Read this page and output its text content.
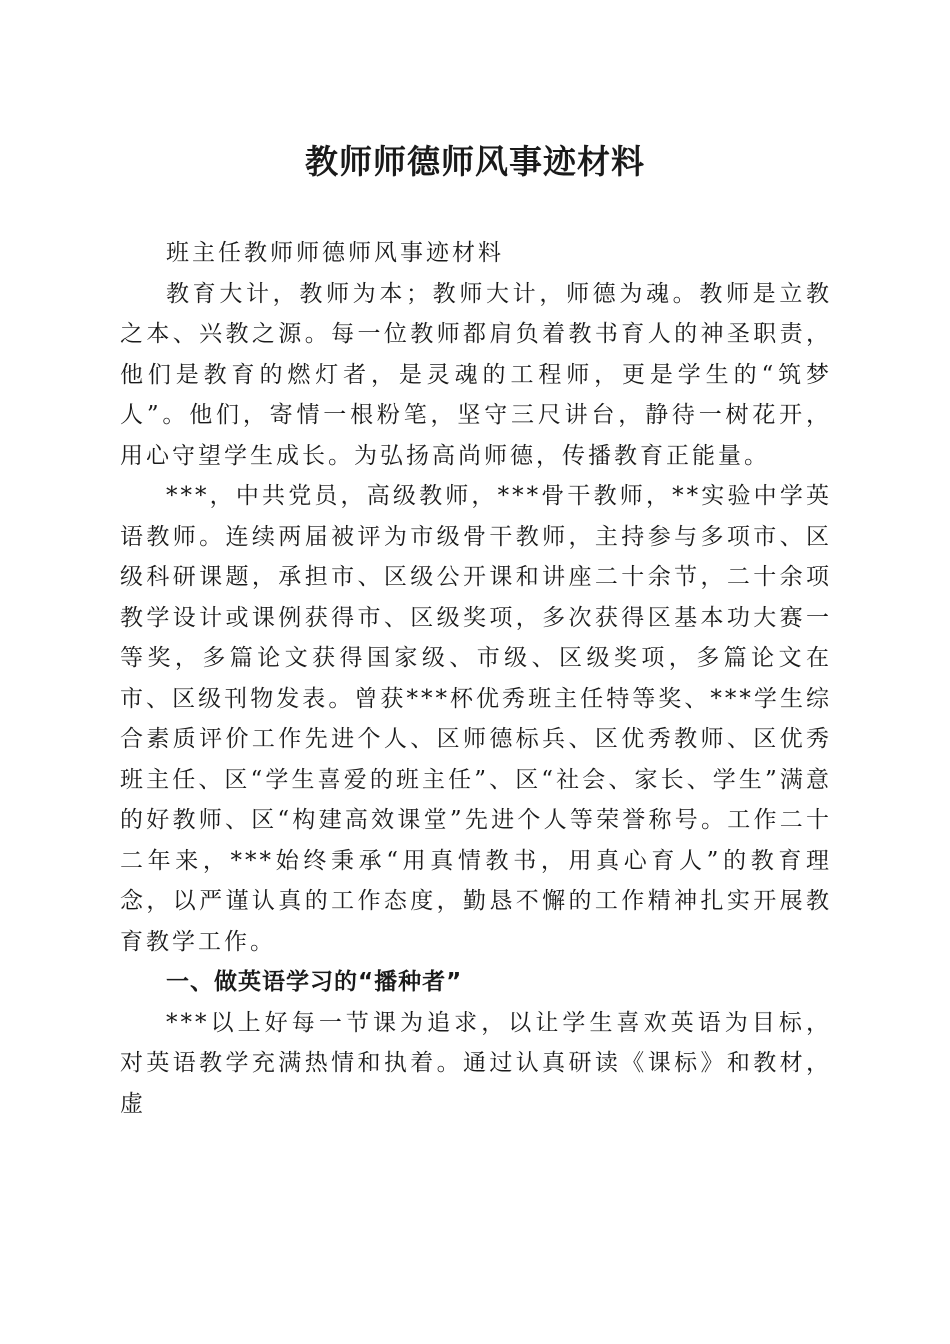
教师师德师风事迹材料

班主任教师师德师风事迹材料

教育大计，教师为本；教师大计，师德为魂。教师是立教之本、兴教之源。每一位教师都肩负着教书育人的神圣职责，他们是教育的燃灯者，是灵魂的工程师，更是学生的“筑梦人”。他们，寄情一根粉笔，坚守三尺讲台，静待一树花开，用心守望学生成长。为弘扬高尚师德，传播教育正能量。

***，中共党员，高级教师，***骨干教师，**实验中学英语教师。连续两届被评为市级骨干教师，主持参与多项市、区级科研课题，承担市、区级公开课和讲座二十余节，二十余项教学设计或课例获得市、区级奖项，多次获得区基本功大赛一等奖，多篇论文获得国家级、市级、区级奖项，多篇论文在市、区级刊物发表。曾获***杯优秀班主任特等奖、***学生综合素质评价工作先进个人、区师德标兵、区优秀教师、区优秀班主任、区“学生喜爱的班主任”、区“社会、家长、学生”满意的好教师、区“构建高效课堂”先进个人等荣誉称号。工作二十二年来，***始终秉承“用真情教书，用真心育人”的教育理念，以严谨认真的工作态度，勤恳不懈的工作精神扎实开展教育教学工作。

一、做英语学习的“播种者”

***以上好每一节课为追求，以让学生喜欢英语为目标，对英语教学充满热情和执着。通过认真研读《课标》和教材，虚
